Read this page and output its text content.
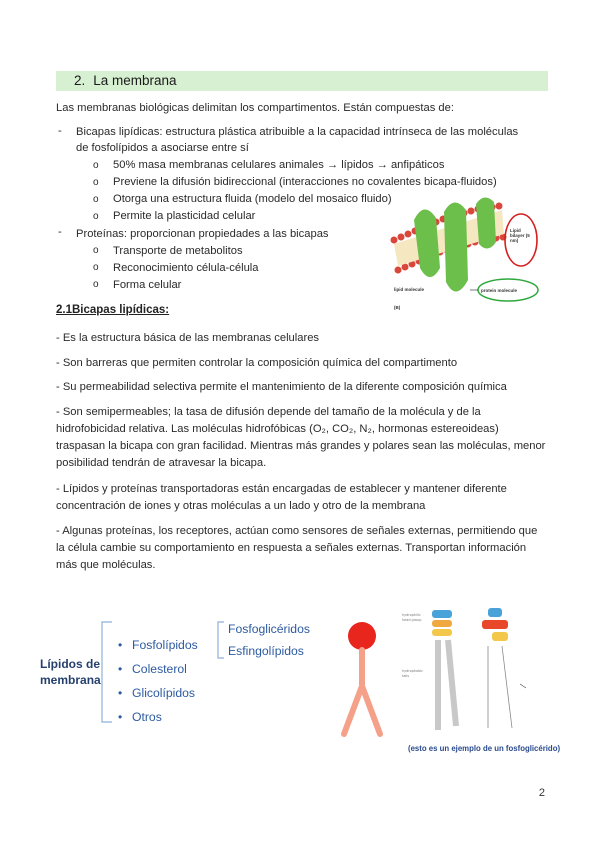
2. La membrana
Las membranas biológicas delimitan los compartimentos. Están compuestas de:
- Bicapas lipídicas: estructura plástica atribuible a la capacidad intrínseca de las moléculas
de fosfolípidos a asociarse entre sí
o 50% masa membranas celulares animales → lípidos → anfipáticos
o Previene la difusión bidireccional (interacciones no covalentes bicapa-fluidos)
o Otorga una estructura fluida (modelo del mosaico fluido)
o Permite la plasticidad celular
- Proteínas: proporcionan propiedades a las bicapas
o Transporte de metabolitos
o Reconocimiento célula-célula
o Forma celular
Lipid bilayer (5 nm)
lipid molecule	protein molecule
(B)
2.1Bicapas lipídicas:
- Es la estructura básica de las membranas celulares
- Son barreras que permiten controlar la composición química del compartimento
- Su permeabilidad selectiva permite el mantenimiento de la diferente composición química
- Son semipermeables; la tasa de difusión depende del tamaño de la molécula y de la hidrofobicidad relativa. Las moléculas hidrofóbicas (O₂, CO₂, N₂, hormonas estereoideas) traspasan la bicapa con gran facilidad. Mientras más grandes y polares sean las moléculas, menor posibilidad tendrán de atravesar la bicapa.
- Lípidos y proteínas transportadoras están encargadas de establecer y mantener diferente concentración de iones y otras moléculas a un lado y otro de la membrana
- Algunas proteínas, los receptores, actúan como sensores de señales externas, permitiendo que la célula cambie su comportamiento en respuesta a señales externas. Transportan información más que moléculas.
Lípidos de
membrana
• Fosfolípidos
• Colesterol
• Glicolípidos
• Otros
Fosfoglicéridos
Esfingolípidos
hydrophilic
head group
hydrophobic
tails
(esto es un ejemplo de un fosfoglicérido)
2
